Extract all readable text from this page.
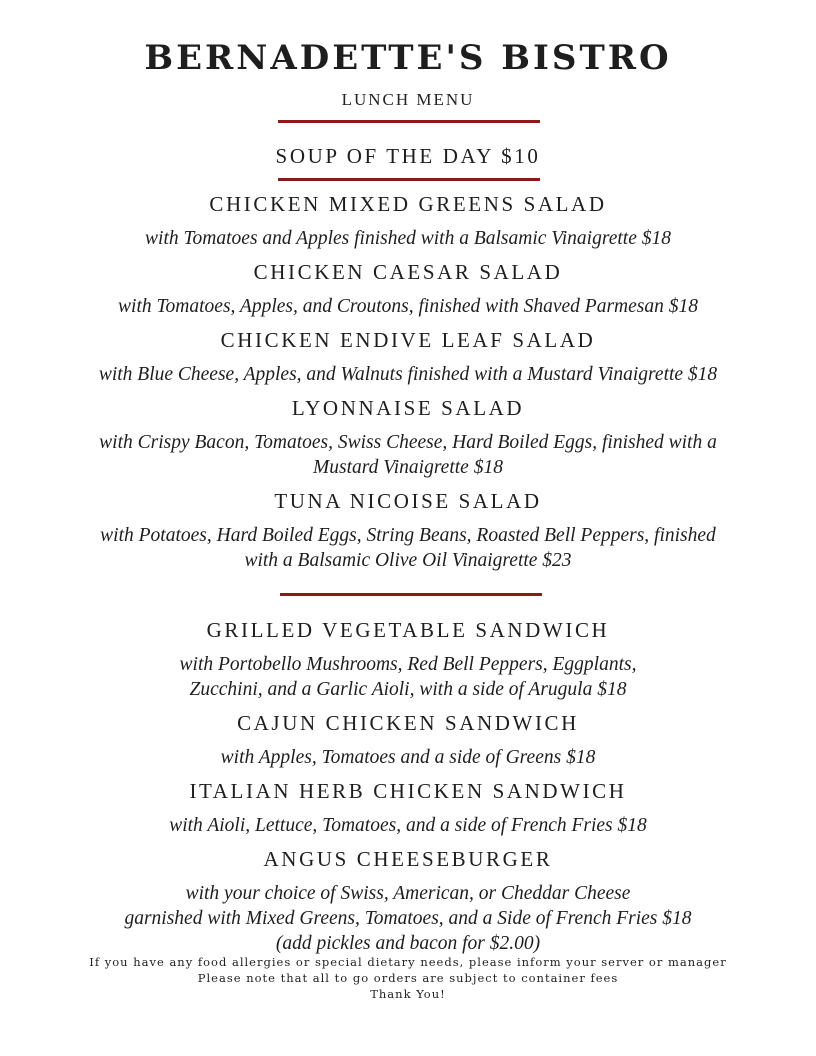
BERNADETTE'S BISTRO
LUNCH MENU
SOUP OF THE DAY $10
CHICKEN MIXED GREENS SALAD
with Tomatoes and Apples finished with a Balsamic Vinaigrette $18
CHICKEN CAESAR SALAD
with Tomatoes, Apples, and Croutons, finished with Shaved Parmesan $18
CHICKEN ENDIVE LEAF SALAD
with Blue Cheese, Apples, and Walnuts finished with a Mustard Vinaigrette $18
LYONNAISE SALAD
with Crispy Bacon, Tomatoes, Swiss Cheese, Hard Boiled Eggs, finished with a
Mustard Vinaigrette $18
TUNA NICOISE SALAD
with Potatoes, Hard Boiled Eggs, String Beans, Roasted Bell Peppers, finished
with a Balsamic Olive Oil Vinaigrette $23
GRILLED VEGETABLE SANDWICH
with Portobello Mushrooms, Red Bell Peppers, Eggplants,
Zucchini, and a Garlic Aioli, with a side of Arugula $18
CAJUN CHICKEN SANDWICH
with Apples, Tomatoes and a side of Greens $18
ITALIAN HERB CHICKEN SANDWICH
with Aioli, Lettuce, Tomatoes, and a side of French Fries $18
ANGUS CHEESEBURGER
with your choice of Swiss, American, or Cheddar Cheese
garnished with Mixed Greens, Tomatoes, and a Side of French Fries $18
(add pickles and bacon for $2.00)
If you have any food allergies or special dietary needs, please inform your server or manager
Please note that all to go orders are subject to container fees
Thank You!
